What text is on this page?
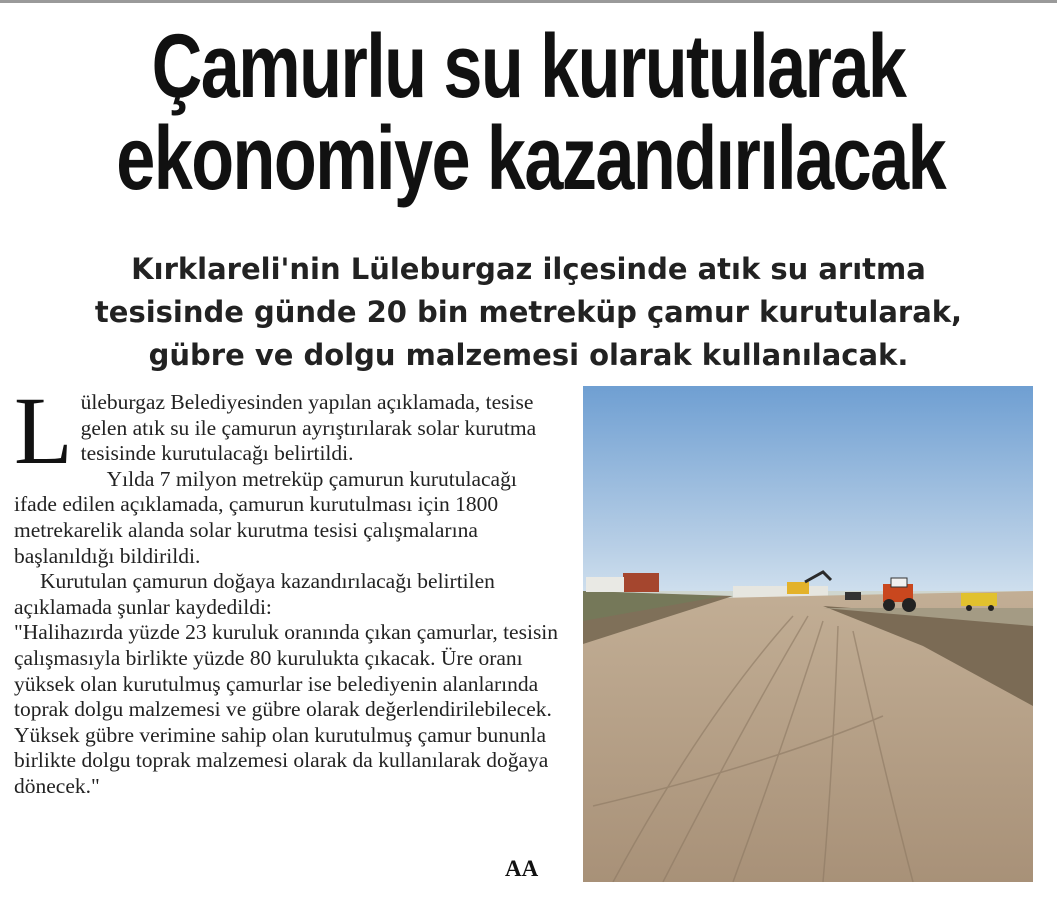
Çamurlu su kurutularak
ekonomiye kazandırılacak
Kırklareli'nin Lüleburgaz ilçesinde atık su arıtma
tesisinde günde 20 bin metreküp çamur kurutularak,
gübre ve dolgu malzemesi olarak kullanılacak.

L üleburgaz Belediyesinden yapılan açıklamada, tesise gelen atık su ile çamurun ayrıştırılarak solar kurutma tesisinde kurutulacağı belirtildi.

Yılda 7 milyon metreküp çamurun kurutulacağı ifade edilen açıklamada, çamurun kurutulması için 1800 metrekarelik alanda solar kurutma tesisi çalışmalarına başlanıldığı bildirildi.

Kurutulan çamurun doğaya kazandırılacağı belirtilen açıklamada şunlar kaydedildi:

"Halihazırda yüzde 23 kuruluk oranında çıkan çamurlar, tesisin çalışmasıyla birlikte yüzde 80 kurulukta çıkacak. Üre oranı yüksek olan kurutulmuş çamurlar ise belediyenin alanlarında toprak dolgu malzemesi ve gübre olarak değerlendirilebilecek. Yüksek gübre verimine sahip olan kurutulmuş çamur bununla birlikte dolgu toprak malzemesi olarak da kullanılarak doğaya dönecek."

AA
